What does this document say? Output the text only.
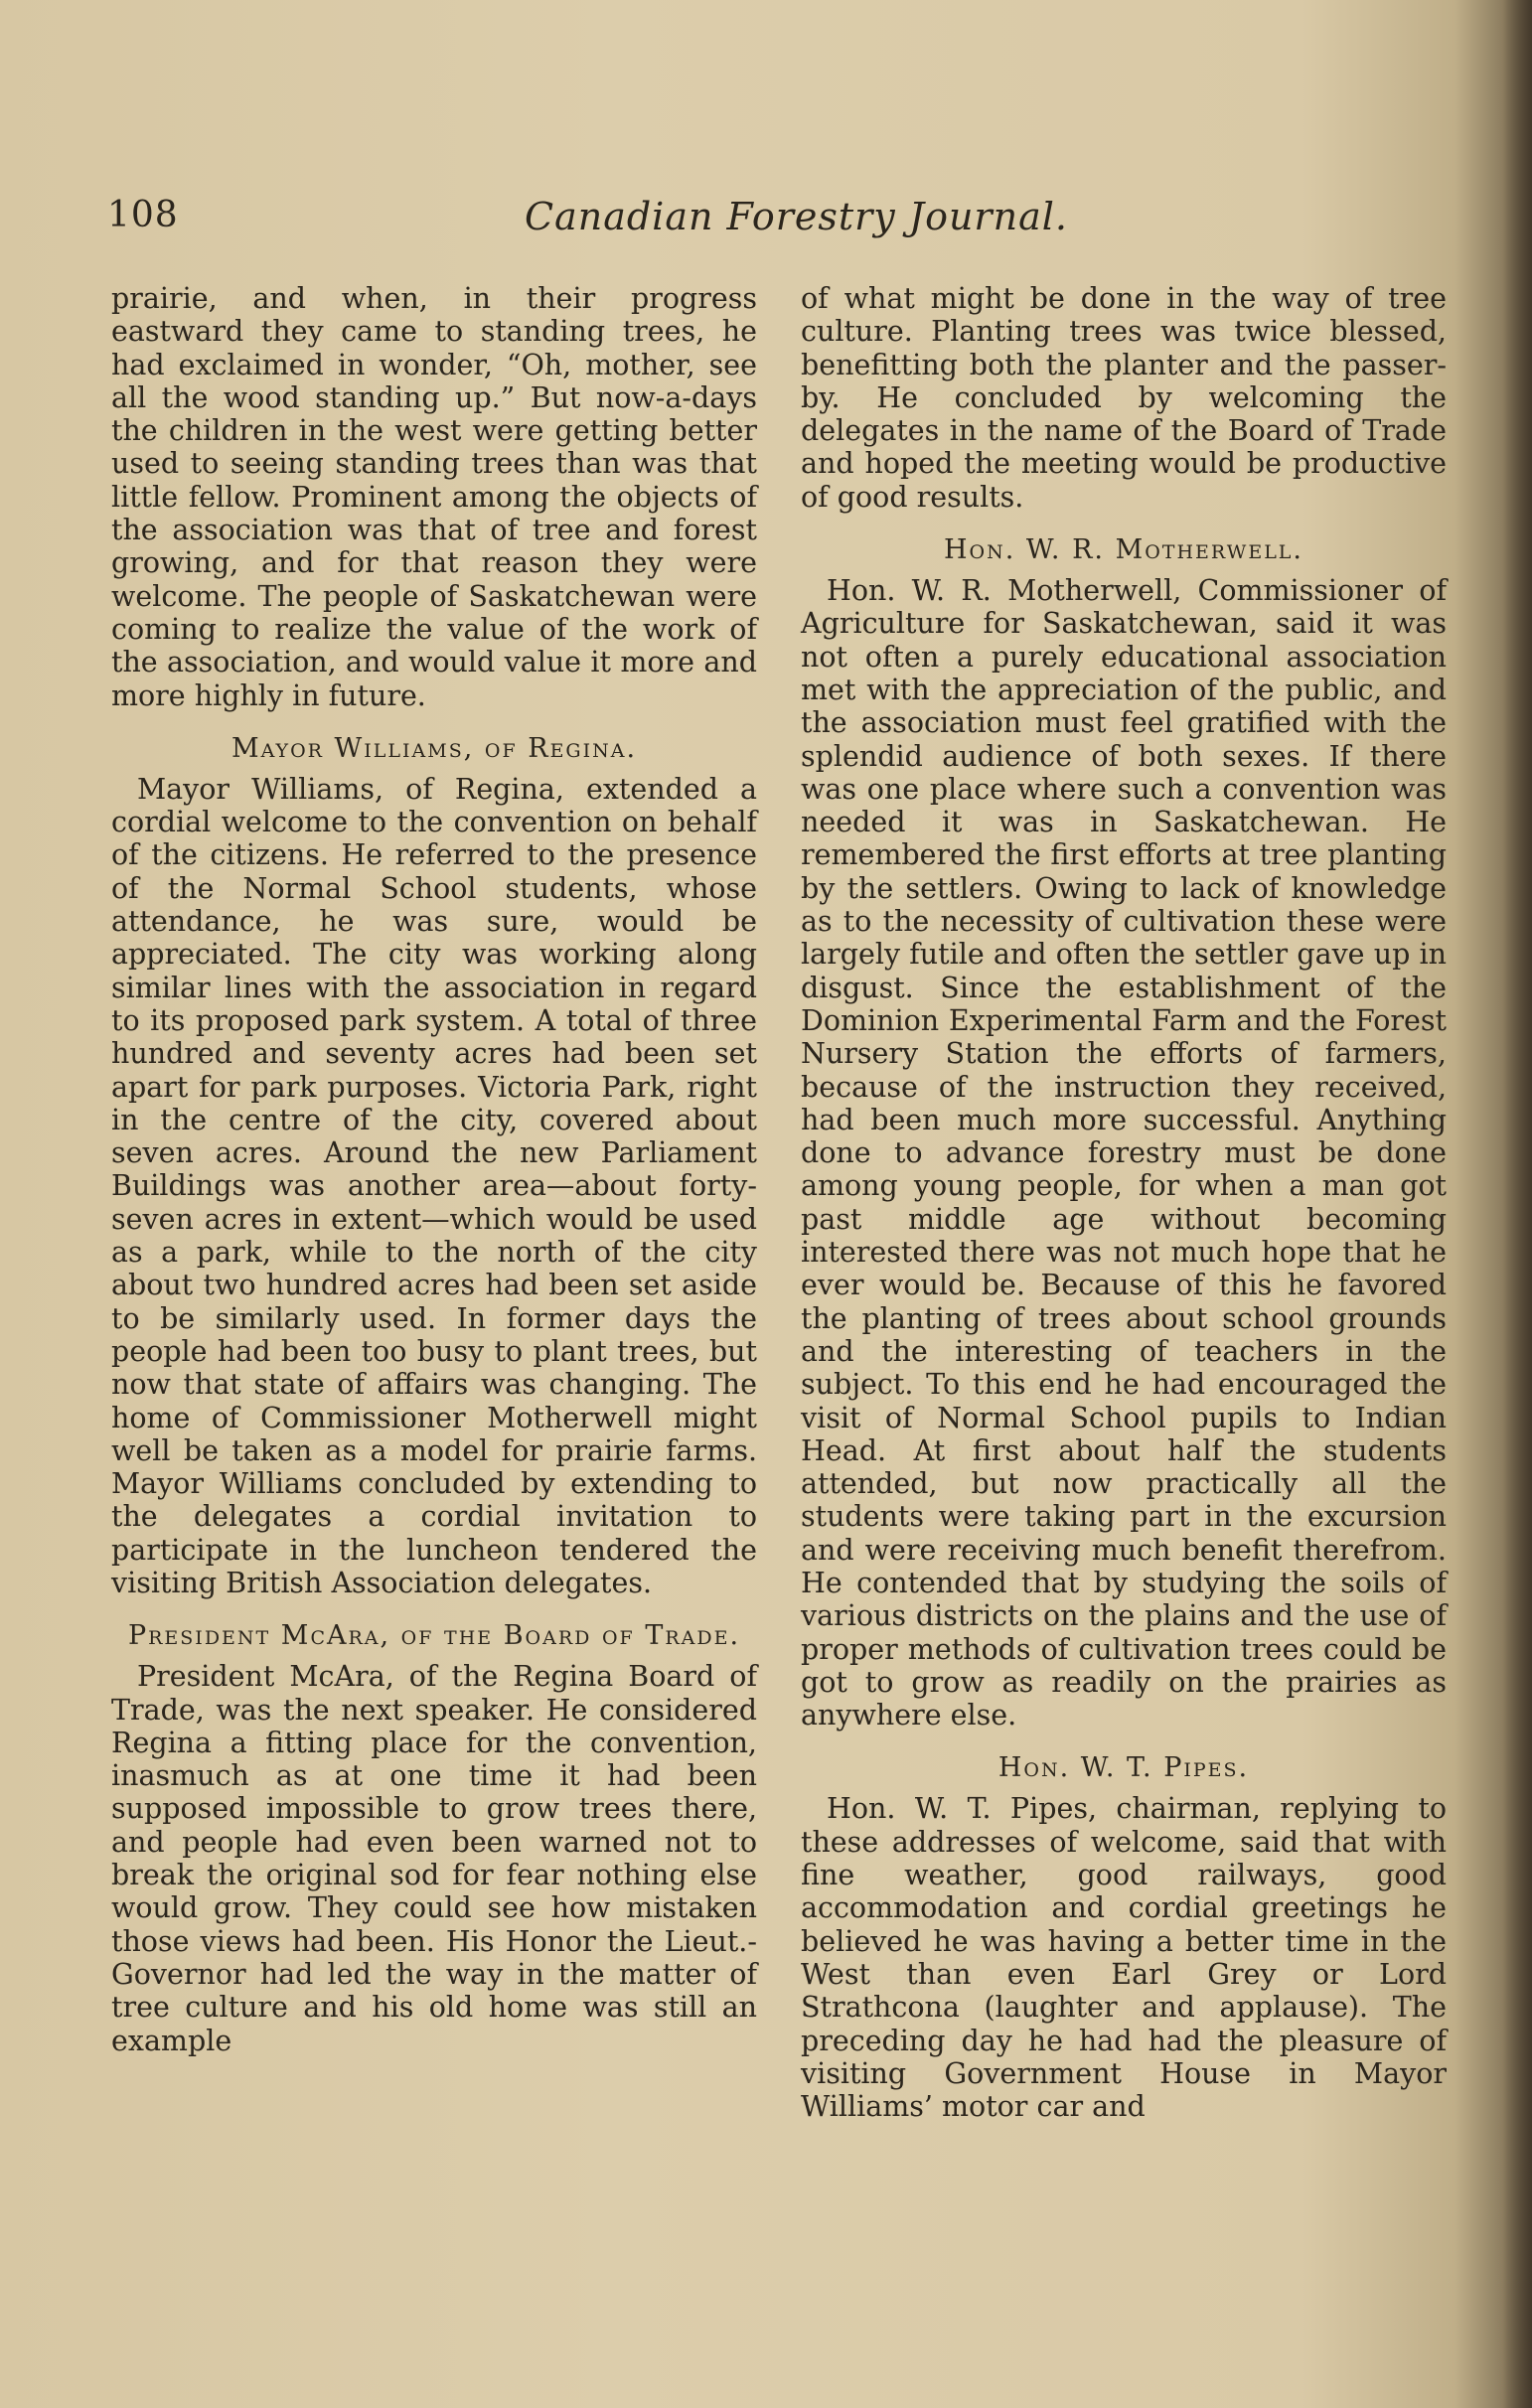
108	Canadian Forestry Journal.

prairie, and when, in their progress eastward they came to standing trees, he had exclaimed in wonder, “Oh, mother, see all the wood standing up.” But now-a-days the children in the west were getting better used to seeing standing trees than was that little fellow. Prominent among the objects of the association was that of tree and forest growing, and for that reason they were welcome. The people of Saskatchewan were coming to realize the value of the work of the association, and would value it more and more highly in future.

Mayor Williams, of Regina.

Mayor Williams, of Regina, extended a cordial welcome to the convention on behalf of the citizens. He referred to the presence of the Normal School students, whose attendance, he was sure, would be appreciated. The city was working along similar lines with the association in regard to its proposed park system. A total of three hundred and seventy acres had been set apart for park purposes. Victoria Park, right in the centre of the city, covered about seven acres. Around the new Parliament Buildings was another area—about forty-seven acres in extent—which would be used as a park, while to the north of the city about two hundred acres had been set aside to be similarly used. In former days the people had been too busy to plant trees, but now that state of affairs was changing. The home of Commissioner Motherwell might well be taken as a model for prairie farms. Mayor Williams concluded by extending to the delegates a cordial invitation to participate in the luncheon tendered the visiting British Association delegates.

President McAra, of the Board of Trade.

President McAra, of the Regina Board of Trade, was the next speaker. He considered Regina a fitting place for the convention, inasmuch as at one time it had been supposed impossible to grow trees there, and people had even been warned not to break the original sod for fear nothing else would grow. They could see how mistaken those views had been. His Honor the Lieut.-Governor had led the way in the matter of tree culture and his old home was still an example

of what might be done in the way of tree culture. Planting trees was twice blessed, benefitting both the planter and the passer-by. He concluded by welcoming the delegates in the name of the Board of Trade and hoped the meeting would be productive of good results.

Hon. W. R. Motherwell.

Hon. W. R. Motherwell, Commissioner of Agriculture for Saskatchewan, said it was not often a purely educational association met with the appreciation of the public, and the association must feel gratified with the splendid audience of both sexes. If there was one place where such a convention was needed it was in Saskatchewan. He remembered the first efforts at tree planting by the settlers. Owing to lack of knowledge as to the necessity of cultivation these were largely futile and often the settler gave up in disgust. Since the establishment of the Dominion Experimental Farm and the Forest Nursery Station the efforts of farmers, because of the instruction they received, had been much more successful. Anything done to advance forestry must be done among young people, for when a man got past middle age without becoming interested there was not much hope that he ever would be. Because of this he favored the planting of trees about school grounds and the interesting of teachers in the subject. To this end he had encouraged the visit of Normal School pupils to Indian Head. At first about half the students attended, but now practically all the students were taking part in the excursion and were receiving much benefit therefrom. He contended that by studying the soils of various districts on the plains and the use of proper methods of cultivation trees could be got to grow as readily on the prairies as anywhere else.

Hon. W. T. Pipes.

Hon. W. T. Pipes, chairman, replying to these addresses of welcome, said that with fine weather, good railways, good accommodation and cordial greetings he believed he was having a better time in the West than even Earl Grey or Lord Strathcona (laughter and applause). The preceding day he had had the pleasure of visiting Government House in Mayor Williams’ motor car and
